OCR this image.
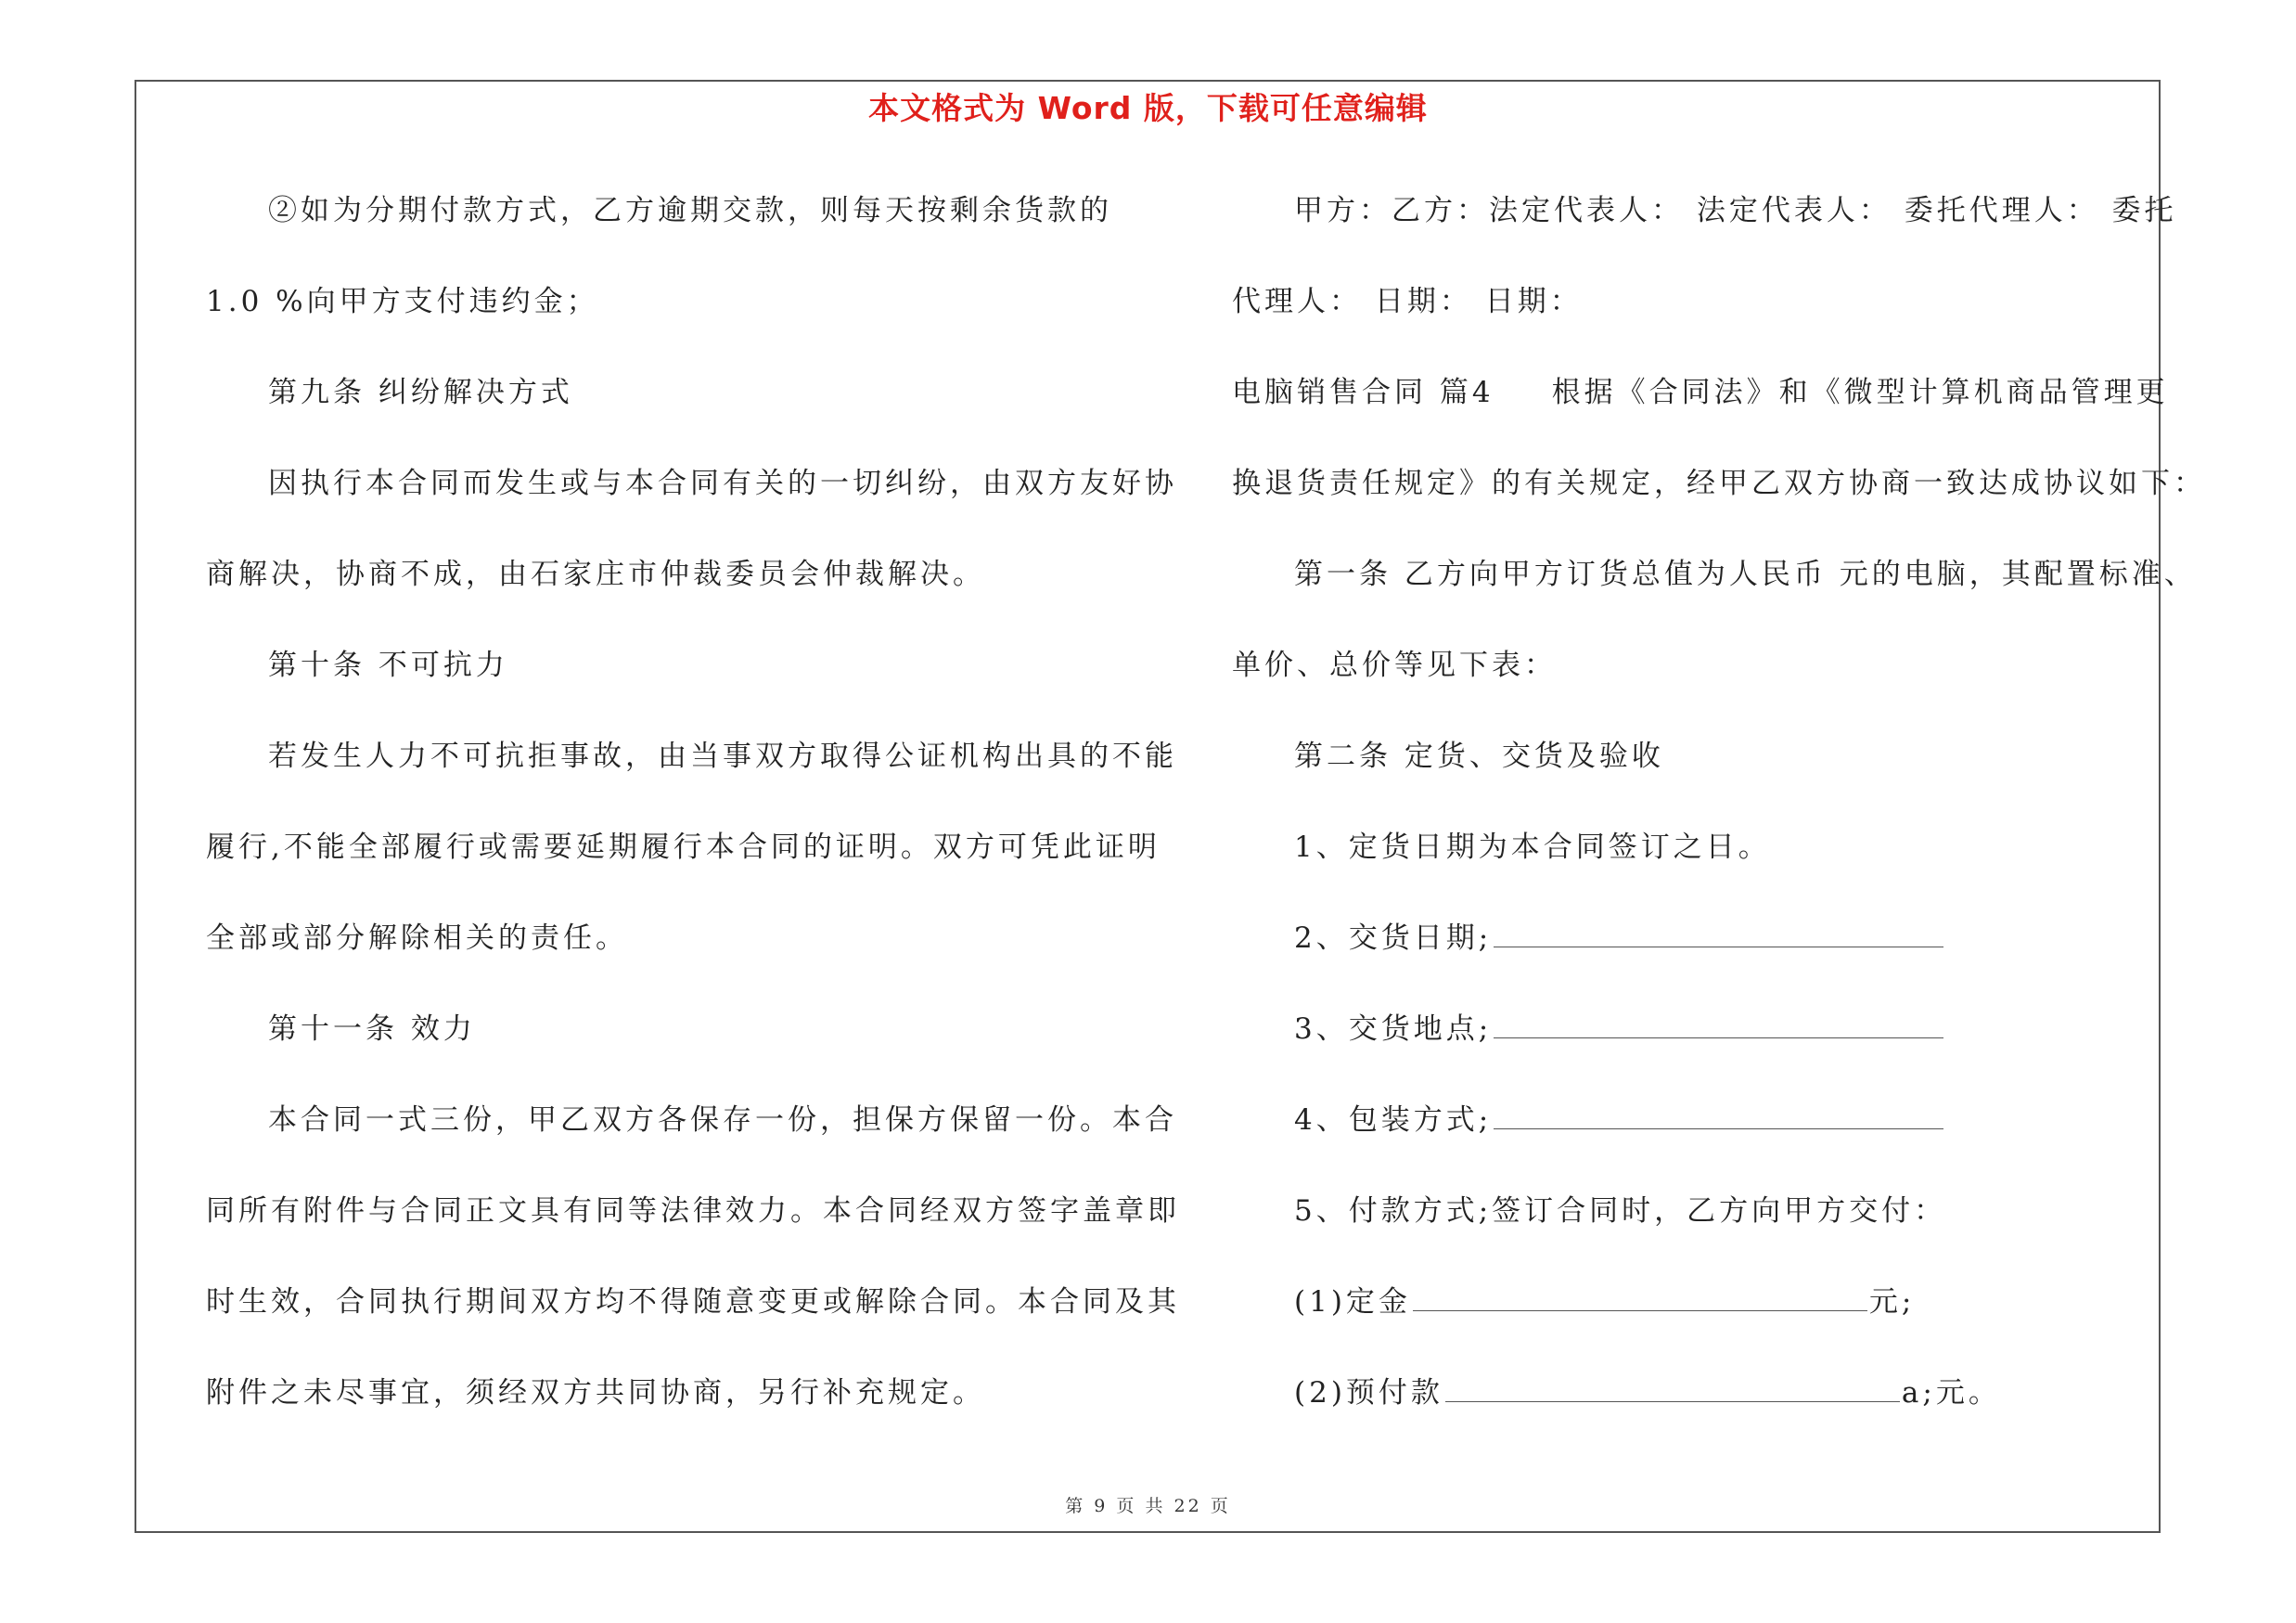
本文格式为 Word 版，下载可任意编辑
②如为分期付款方式，乙方逾期交款，则每天按剩余货款的
1.0 %向甲方支付违约金；
第九条 纠纷解决方式
因执行本合同而发生或与本合同有关的一切纠纷，由双方友好协
商解决，协商不成，由石家庄市仲裁委员会仲裁解决。
第十条 不可抗力
若发生人力不可抗拒事故，由当事双方取得公证机构出具的不能
履行,不能全部履行或需要延期履行本合同的证明。双方可凭此证明
全部或部分解除相关的责任。
第十一条 效力
本合同一式三份，甲乙双方各保存一份，担保方保留一份。本合
同所有附件与合同正文具有同等法律效力。本合同经双方签字盖章即
时生效，合同执行期间双方均不得随意变更或解除合同。本合同及其
附件之未尽事宜，须经双方共同协商，另行补充规定。
甲方：乙方：法定代表人： 法定代表人： 委托代理人： 委托
代理人： 日期： 日期：
电脑销售合同 篇4 根据《合同法》和《微型计算机商品管理更
换退货责任规定》的有关规定，经甲乙双方协商一致达成协议如下：
第一条 乙方向甲方订货总值为人民币 元的电脑，其配置标准、
单价、总价等见下表：
第二条 定货、交货及验收
1、定货日期为本合同签订之日。
2、交货日期;
3、交货地点;
4、包装方式;
5、付款方式;签订合同时，乙方向甲方交付：
(1)定金	元;
(2)预付款	a;元。
第 9 页 共 22 页
